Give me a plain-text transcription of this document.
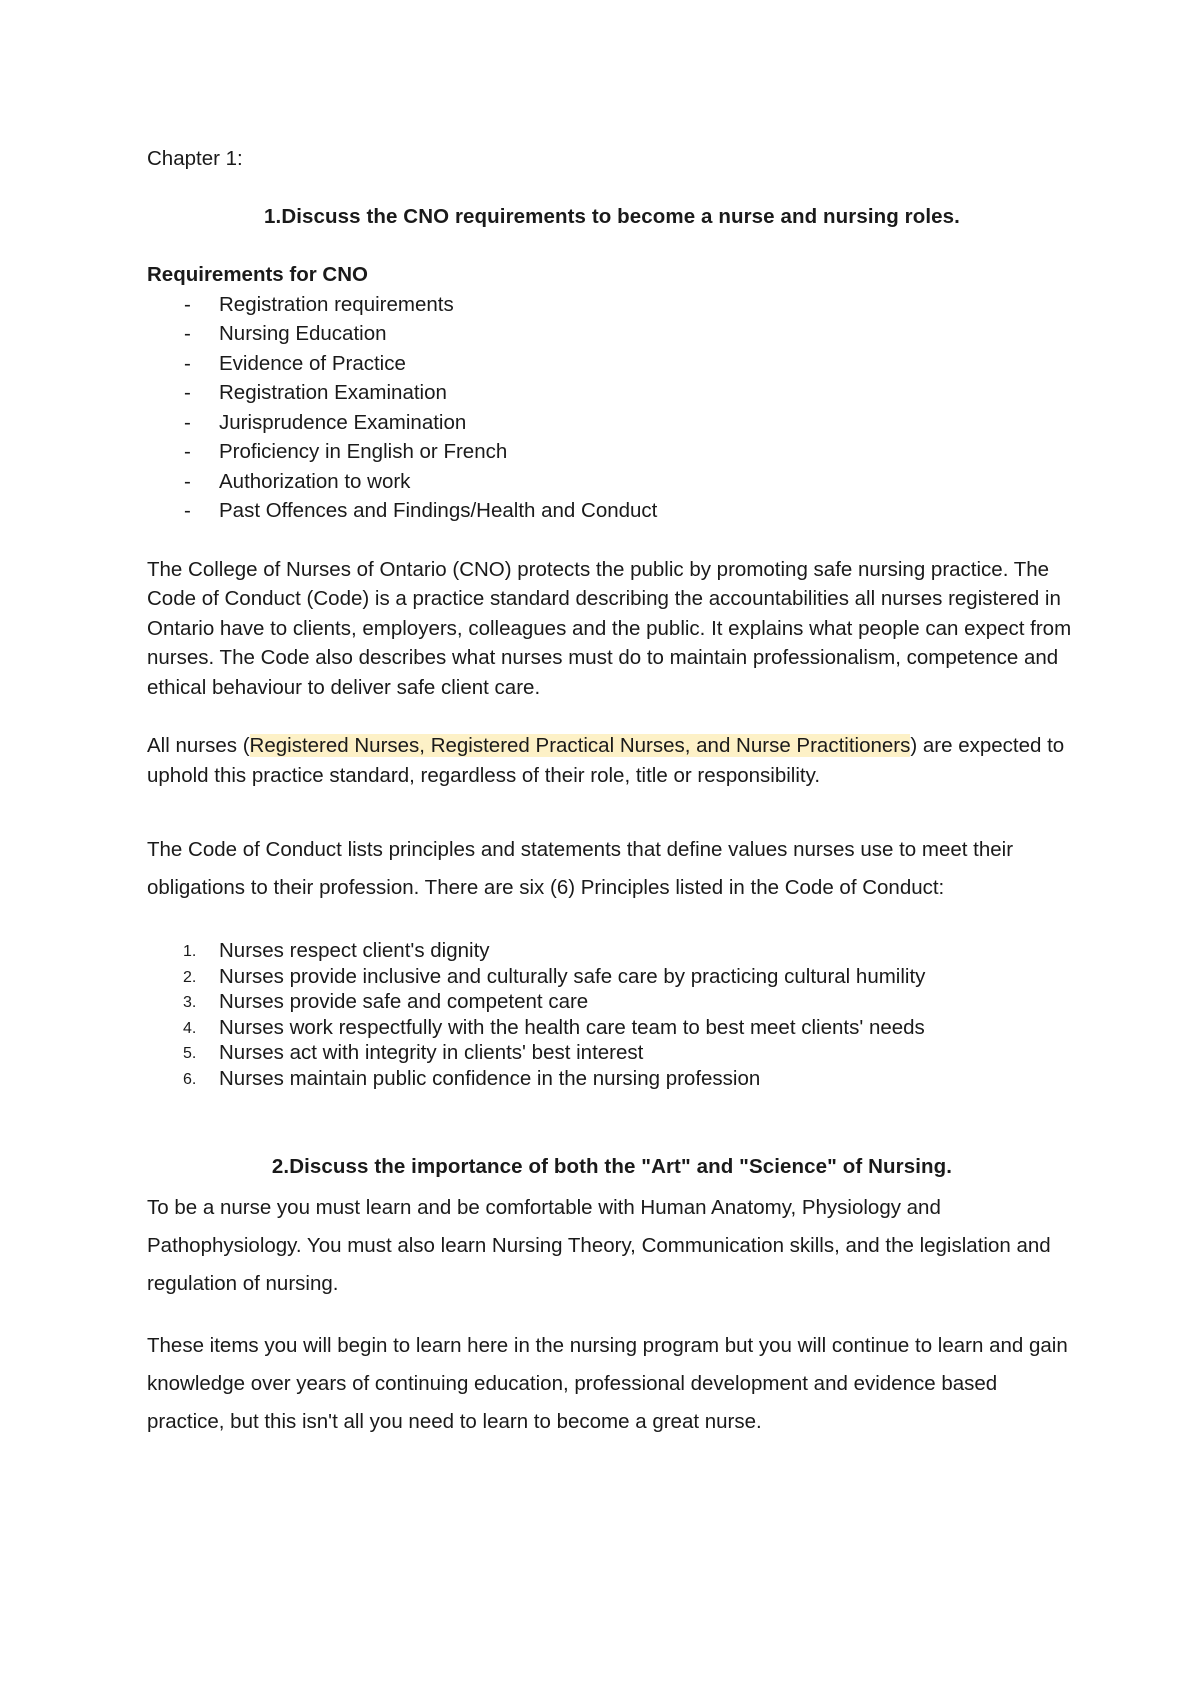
Chapter 1:

1.Discuss the CNO requirements to become a nurse and nursing roles.

Requirements for CNO

- Registration requirements
- Nursing Education
- Evidence of Practice
- Registration Examination
- Jurisprudence Examination
- Proficiency in English or French
- Authorization to work
- Past Offences and Findings/Health and Conduct

The College of Nurses of Ontario (CNO) protects the public by promoting safe nursing practice. The Code of Conduct (Code) is a practice standard describing the accountabilities all nurses registered in Ontario have to clients, employers, colleagues and the public. It explains what people can expect from nurses. The Code also describes what nurses must do to maintain professionalism, competence and ethical behaviour to deliver safe client care.

All nurses (Registered Nurses, Registered Practical Nurses, and Nurse Practitioners) are expected to uphold this practice standard, regardless of their role, title or responsibility.

The Code of Conduct lists principles and statements that define values nurses use to meet their obligations to their profession. There are six (6) Principles listed in the Code of Conduct:

1. Nurses respect client's dignity
2. Nurses provide inclusive and culturally safe care by practicing cultural humility
3. Nurses provide safe and competent care
4. Nurses work respectfully with the health care team to best meet clients' needs
5. Nurses act with integrity in clients' best interest
6. Nurses maintain public confidence in the nursing profession

2.Discuss the importance of both the "Art" and "Science" of Nursing.

To be a nurse you must learn and be comfortable with Human Anatomy, Physiology and Pathophysiology. You must also learn Nursing Theory, Communication skills, and the legislation and regulation of nursing.

These items you will begin to learn here in the nursing program but you will continue to learn and gain knowledge over years of continuing education, professional development and evidence based practice, but this isn't all you need to learn to become a great nurse.
